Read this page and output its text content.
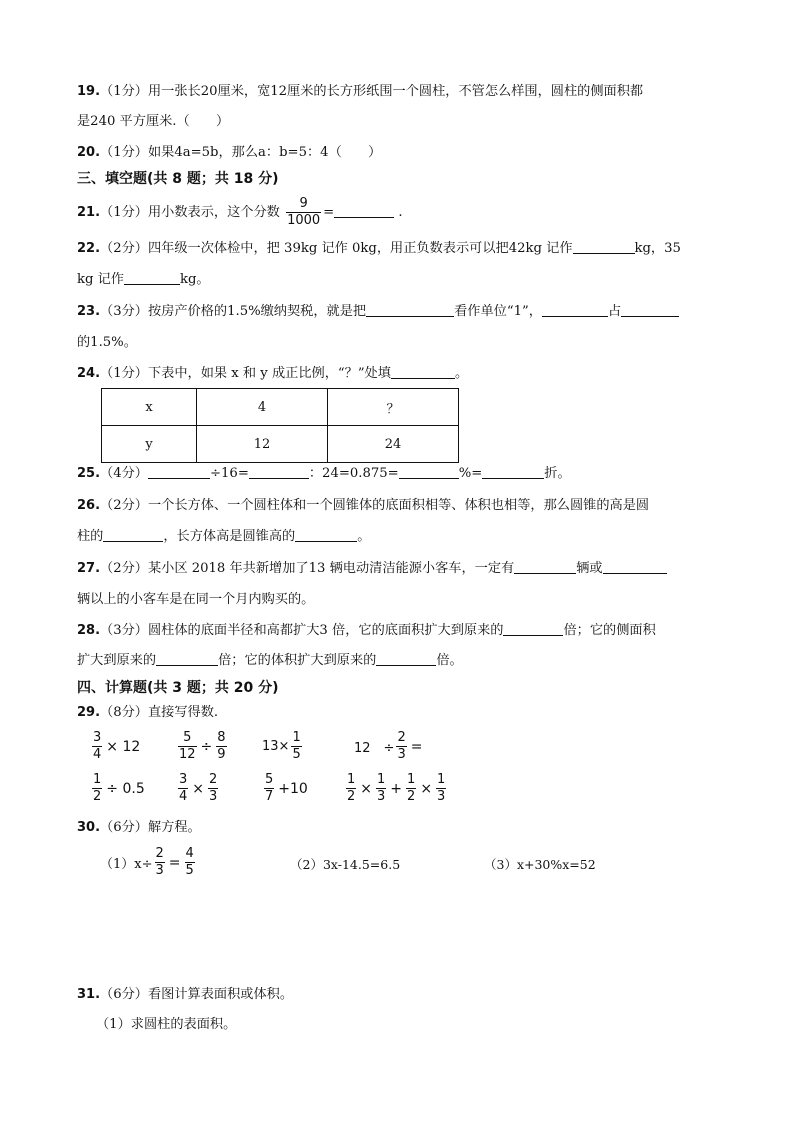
19.（1分）用一张长20厘米，宽12厘米的长方形纸围一个圆柱，不管怎么样围，圆柱的侧面积都
是240 平方厘米.（　　）
20.（1分）如果4a=5b，那么a：b=5：4（　　）
三、填空题(共 8 题；共 18 分)
21.（1分）用小数表示，这个分数 $\frac{9}{1000}$ =	.
22.（2分）四年级一次体检中，把 39kg 记作 0kg，用正负数表示可以把42kg 记作	kg，35
kg 记作	kg。
23.（3分）按房产价格的1.5%缴纳契税，就是把	看作单位“1”，	占
的1.5%。
24.（1分）下表中，如果 x 和 y 成正比例，“？”处填	。
x	4	？
y	12	24
25.（4分）	÷16=	：24=0.875=	%=	折。
26.（2分）一个长方体、一个圆柱体和一个圆锥体的底面积相等、体积也相等，那么圆锥的高是圆
柱的	，长方体高是圆锥高的	。
27.（2分）某小区 2018 年共新增加了13 辆电动清洁能源小客车，一定有	辆或
辆以上的小客车是在同一个月内购买的。
28.（3分）圆柱体的底面半径和高都扩大3 倍，它的底面积扩大到原来的	倍；它的侧面积
扩大到原来的	倍；它的体积扩大到原来的	倍。
四、计算题(共 3 题；共 20 分)
29.（8分）直接写得数.
$\frac{3}{4} \times 12$	$\frac{5}{12} \div \frac{8}{9}$	$13\times \frac{1}{5}$	12　÷ $\frac{2}{3}$ =
$\frac{1}{2} \div 0.5$	$\frac{3}{4} \times \frac{2}{3}$	$\frac{5}{7} +10$	$\frac{1}{2} \times \frac{1}{3} + \frac{1}{2} \times \frac{1}{3}$
30.（6分）解方程。
$(1)x\div \frac{2}{3} = \frac{4}{5}$	（2）3x-14.5=6.5	（3）x+30%x=52
31.（6分）看图计算表面积或体积。
（1）求圆柱的表面积。
